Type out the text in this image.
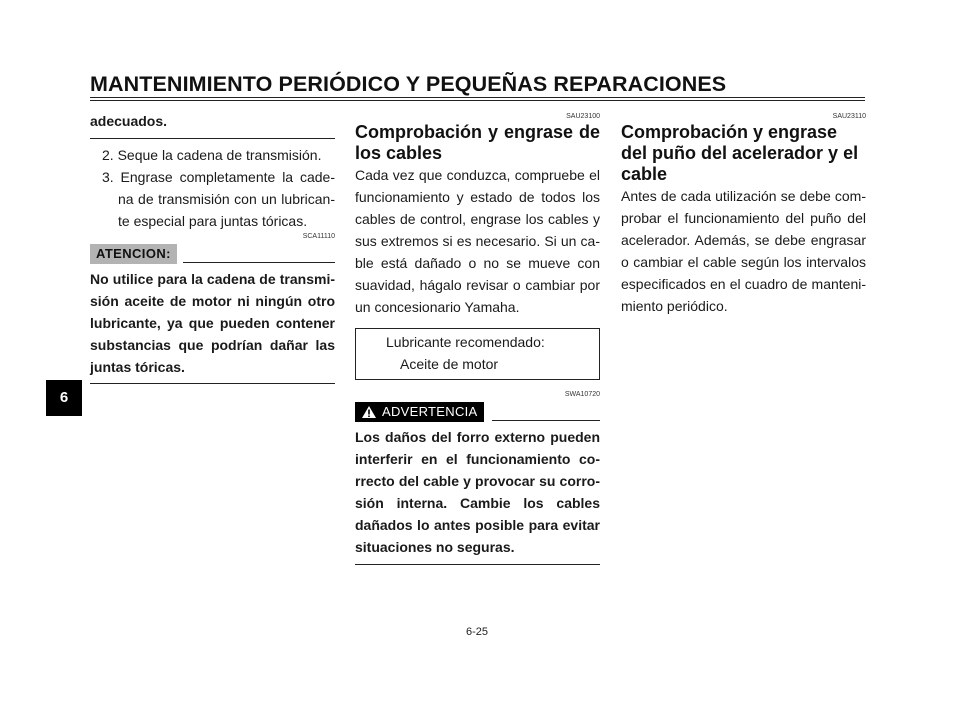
MANTENIMIENTO PERIÓDICO Y PEQUEÑAS REPARACIONES
6

adecuados.

2. Seque la cadena de transmisión.

3. Engrase completamente la cade-na de transmisión con un lubrican-te especial para juntas tóricas.

SCA11110
ATENCION:

No utilice para la cadena de transmi-sión aceite de motor ni ningún otro lubricante, ya que pueden contener substancias que podrían dañar las juntas tóricas.

SAU23100
Comprobación y engrase de los cables

Cada vez que conduzca, compruebe el funcionamiento y estado de todos los cables de control, engrase los cables y sus extremos si es necesario. Si un ca-ble está dañado o no se mueve con suavidad, hágalo revisar o cambiar por un concesionario Yamaha.

Lubricante recomendado:
Aceite de motor
SWA10720
ADVERTENCIA

Los daños del forro externo pueden interferir en el funcionamiento co-rrecto del cable y provocar su corro-sión interna. Cambie los cables dañados lo antes posible para evitar situaciones no seguras.

SAU23110
Comprobación y engrase del puño del acelerador y el cable

Antes de cada utilización se debe com-probar el funcionamiento del puño del acelerador. Además, se debe engrasar o cambiar el cable según los intervalos especificados en el cuadro de manteni-miento periódico.

6-25
